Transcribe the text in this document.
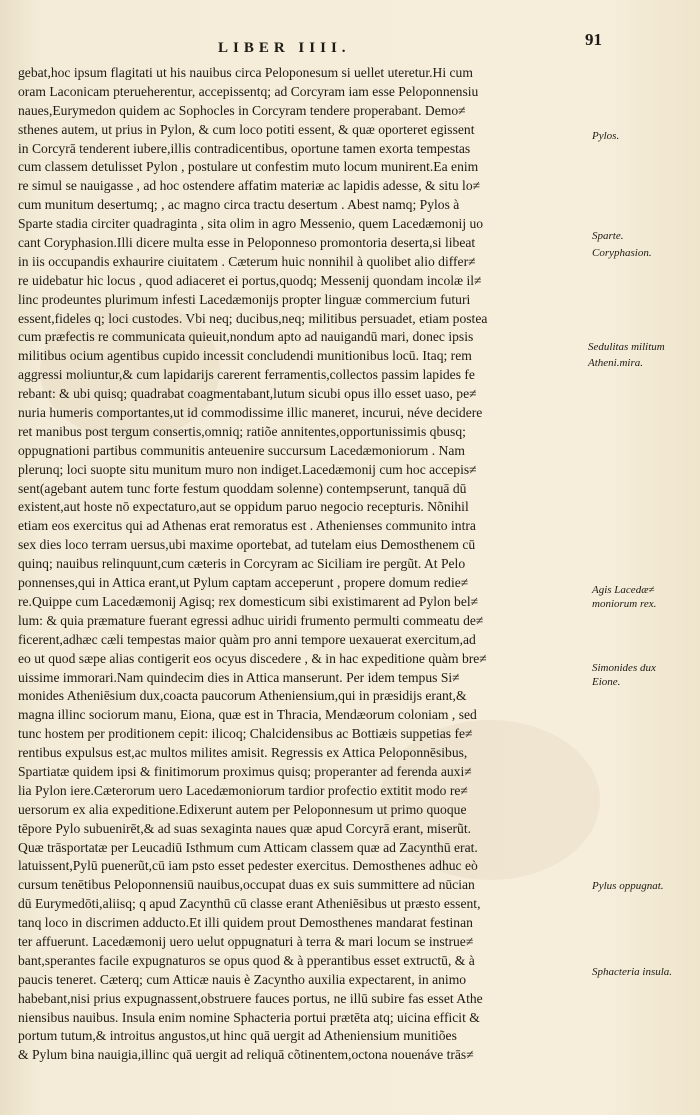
LIBER IIII.	91
gebat,hoc ipsum flagitati ut his nauibus circa Peloponesum si uellet uteretur.Hi cum
oram Laconicam pterueherentur, accepissentq; ad Corcyram iam esse Peloponnensiu
naues,Eurymedon quidem ac Sophocles in Corcyram tendere properabant. Demo≠
sthenes autem, ut prius in Pylon, & cum loco potiti essent, & quæ oporteret egissent
in Corcyrā tenderent iubere,illis contradicentibus, oportune tamen exorta tempestas
cum classem detulisset Pylon , postulare ut confestim muto locum munirent.Ea enim
re simul se nauigasse , ad hoc ostendere affatim materiæ ac lapidis adesse, & situ lo≠
cum munitum desertumq; , ac magno circa tractu desertum . Abest namq; Pylos à
Sparte stadia circiter quadraginta , sita olim in agro Messenio, quem Lacedæmonij uo
cant Coryphasion.Illi dicere multa esse in Peloponneso promontoria deserta,si libeat
in iis occupandis exhaurire ciuitatem . Cæterum huic nonnihil à quolibet alio differ≠
re uidebatur hic locus , quod adiaceret ei portus,quodq; Messenij quondam incolæ il≠
linc prodeuntes plurimum infesti Lacedæmonijs propter linguæ commercium futuri
essent,fideles q; loci custodes. Vbi neq; ducibus,neq; militibus persuadet, etiam postea
cum præfectis re communicata quieuit,nondum apto ad nauigandū mari, donec ipsis
militibus ocium agentibus cupido incessit concludendi munitionibus locū. Itaq; rem
aggressi moliuntur,& cum lapidarijs carerent ferramentis,collectos passim lapides fe
rebant: & ubi quisq; quadrabat coagmentabant,lutum sicubi opus illo esset uaso, pe≠
nuria humeris comportantes,ut id commodissime illic maneret, incurui, néve decidere
ret manibus post tergum consertis,omniq; ratiõe annitentes,opportunissimis qbusq;
oppugnationi partibus communitis anteuenire succursum Lacedæmoniorum . Nam
plerunq; loci suopte situ munitum muro non indiget.Lacedæmonij cum hoc accepis≠
sent(agebant autem tunc forte festum quoddam solenne) contempserunt, tanquā dū
existent,aut hoste nō expectaturo,aut se oppidum paruo negocio recepturis. Nõnihil
etiam eos exercitus qui ad Athenas erat remoratus est . Athenienses communito intra
sex dies loco terram uersus,ubi maxime oportebat, ad tutelam eius Demosthenem cū
quinq; nauibus relinquunt,cum cæteris in Corcyram ac Siciliam ire pergũt. At Pelo
ponnenses,qui in Attica erant,ut Pylum captam acceperunt , propere domum redie≠
re.Quippe cum Lacedæmonij Agisq; rex domesticum sibi existimarent ad Pylon bel≠
lum: & quia præmature fuerant egressi adhuc uiridi frumento permulti commeatu de≠
ficerent,adhæc cæli tempestas maior quàm pro anni tempore uexauerat exercitum,ad
eo ut quod sæpe alias contigerit eos ocyus discedere , & in hac expeditione quàm bre≠
uissime immorari.Nam quindecim dies in Attica manserunt. Per idem tempus Si≠
monides Atheniēsium dux,coacta paucorum Atheniensium,qui in præsidijs erant,&
magna illinc sociorum manu, Eiona, quæ est in Thracia, Mendæorum coloniam , sed
tunc hostem per proditionem cepit: ilicoq; Chalcidensibus ac Bottiæis suppetias fe≠
rentibus expulsus est,ac multos milites amisit. Regressis ex Attica Peloponnēsibus,
Spartiatæ quidem ipsi & finitimorum proximus quisq; properanter ad ferenda auxi≠
lia Pylon iere.Cæterorum uero Lacedæmoniorum tardior profectio extitit modo re≠
uersorum ex alia expeditione.Edixerunt autem per Peloponnesum ut primo quoque
tēpore Pylo subuenirēt,& ad suas sexaginta naues quæ apud Corcyrā erant, miserũt.
Quæ trāsportatæ per Leucadiū Isthmum cum Atticam classem quæ ad Zacynthū erat.
latuissent,Pylū puenerũt,cū iam psto esset pedester exercitus. Demosthenes adhuc eò
cursum tenētibus Peloponnensiū nauibus,occupat duas ex suis summittere ad nūcian
dū Eurymedōti,aliisq; q apud Zacynthū cū classe erant Atheniēsibus ut præsto essent,
tanq loco in discrimen adducto.Et illi quidem prout Demosthenes mandarat festinan
ter affuerunt. Lacedæmonij uero uelut oppugnaturi à terra & mari locum se instrue≠
bant,sperantes facile expugnaturos se opus quod & à pperantibus esset extructū, & à
paucis teneret. Cæterq; cum Atticæ nauis è Zacyntho auxilia expectarent, in animo
habebant,nisi prius expugnassent,obstruere fauces portus, ne illū subire fas esset Athe
niensibus nauibus. Insula enim nomine Sphacteria portui prætēta atq; uicina efficit &
portum tutum,& introitus angustos,ut hinc quā uergit ad Atheniensium munitiões
& Pylum bina nauigia,illinc quā uergit ad reliquā cõtinentem,octona nouenáve trās≠
Pylos.
Sparte.
Coryphasion.
Sedulitas militum
Atheni.mira.
Agis Lacedæ≠
moniorum rex.
Simonides dux
Eione.
Pylus oppugnat.
Sphacteria insula.
